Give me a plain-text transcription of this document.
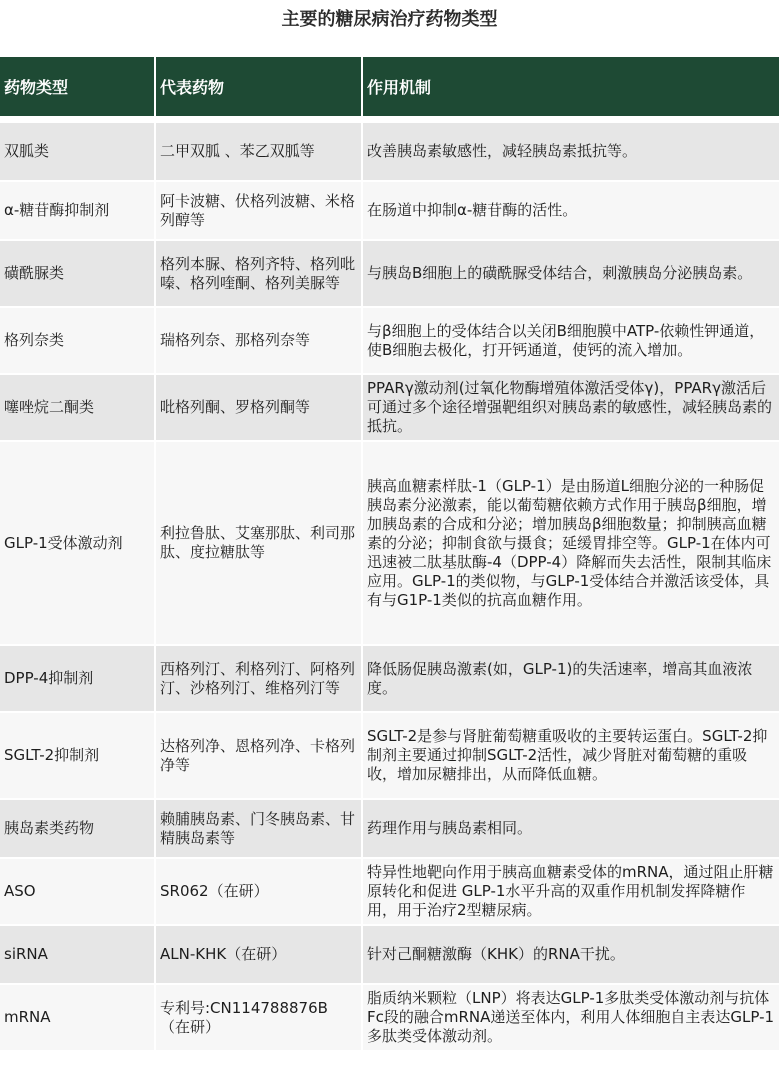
主要的糖尿病治疗药物类型
药物类型	代表药物	作用机制

双胍类	二甲双胍 、苯乙双胍等	改善胰岛素敏感性，减轻胰岛素抵抗等。
α-糖苷酶抑制剂	阿卡波糖、伏格列波糖、米格列醇等	在肠道中抑制α-糖苷酶的活性。
磺酰脲类	格列本脲、格列齐特、格列吡嗪、格列喹酮、格列美脲等	与胰岛B细胞上的磺酰脲受体结合，刺激胰岛分泌胰岛素。
格列奈类	瑞格列奈、那格列奈等	与β细胞上的受体结合以关闭B细胞膜中ATP-依赖性钾通道，使B细胞去极化，打开钙通道，使钙的流入增加。
噻唑烷二酮类	吡格列酮、罗格列酮等	PPARγ激动剂(过氧化物酶增殖体激活受体γ)，PPARγ激活后可通过多个途径增强靶组织对胰岛素的敏感性，减轻胰岛素的抵抗。
GLP-1受体激动剂	利拉鲁肽、艾塞那肽、利司那肽、度拉糖肽等	胰高血糖素样肽-1（GLP-1）是由肠道L细胞分泌的一种肠促胰岛素分泌激素，能以葡萄糖依赖方式作用于胰岛β细胞，增加胰岛素的合成和分泌；增加胰岛β细胞数量；抑制胰高血糖素的分泌；抑制食欲与摄食；延缓胃排空等。GLP-1在体内可迅速被二肽基肽酶-4（DPP-4）降解而失去活性，限制其临床应用。GLP-1的类似物，与GLP-1受体结合并激活该受体，具有与G1P-1类似的抗高血糖作用。
DPP-4抑制剂	西格列汀、利格列汀、阿格列汀、沙格列汀、维格列汀等	降低肠促胰岛激素(如，GLP-1)的失活速率，增高其血液浓度。
SGLT-2抑制剂	达格列净、恩格列净、卡格列净等	SGLT-2是参与肾脏葡萄糖重吸收的主要转运蛋白。SGLT-2抑制剂主要通过抑制SGLT-2活性，减少肾脏对葡萄糖的重吸收，增加尿糖排出，从而降低血糖。
胰岛素类药物	赖脯胰岛素、门冬胰岛素、甘精胰岛素等	药理作用与胰岛素相同。
ASO	SR062（在研）	特异性地靶向作用于胰高血糖素受体的mRNA，通过阻止肝糖原转化和促进 GLP-1水平升高的双重作用机制发挥降糖作用，用于治疗2型糖尿病。
siRNA	ALN-KHK（在研）	针对己酮糖激酶（KHK）的RNA干扰。
mRNA	专利号:CN114788876B（在研）	脂质纳米颗粒（LNP）将表达GLP-1多肽类受体激动剂与抗体Fc段的融合mRNA递送至体内，利用人体细胞自主表达GLP-1多肽类受体激动剂。
